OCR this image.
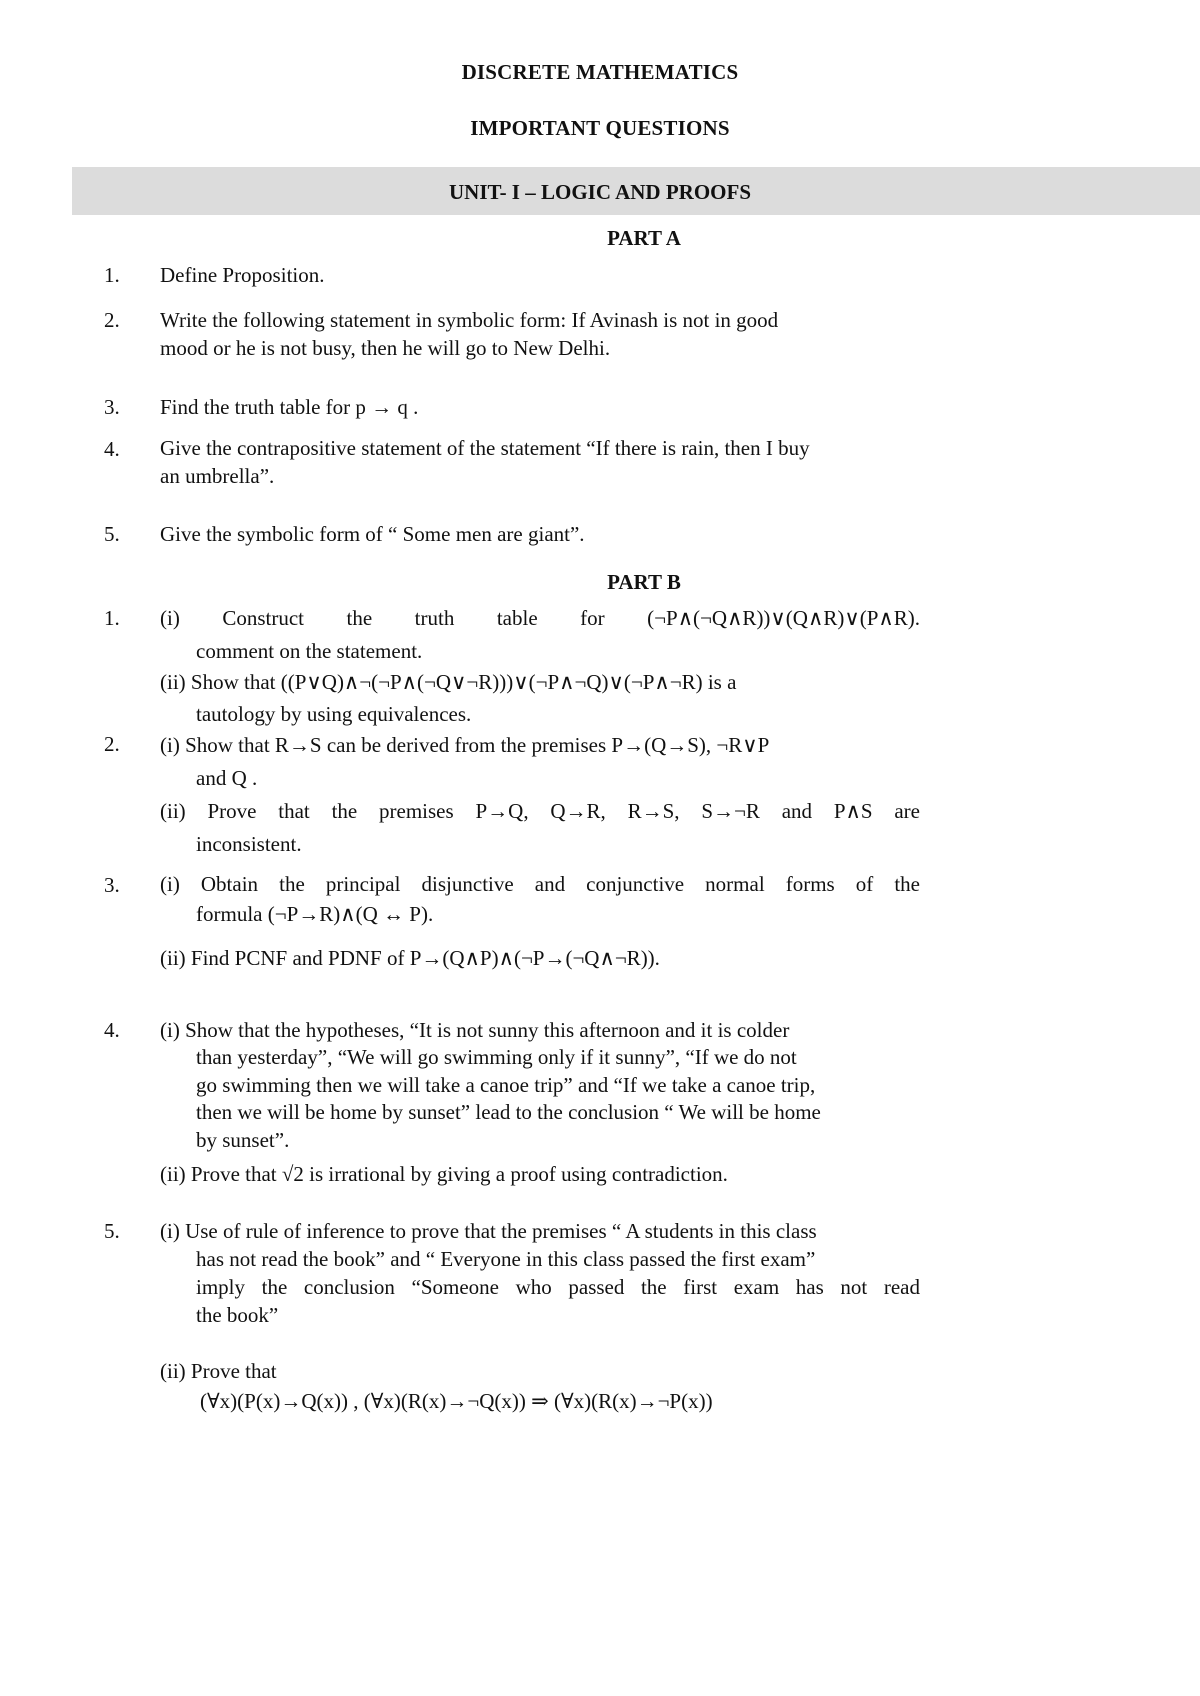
DISCRETE MATHEMATICS
IMPORTANT QUESTIONS
UNIT- I – LOGIC AND PROOFS
PART A
1. Define Proposition.
2. Write the following statement in symbolic form: If Avinash is not in good
mood or he is not busy, then he will go to New Delhi.
3. Find the truth table for p → q .
4. Give the contrapositive statement of the statement “If there is rain, then I buy
an umbrella”.
5. Give the symbolic form of “ Some men are giant”.
PART B
1. (i) Construct the truth table for (¬P∧(¬Q∧R))∨(Q∧R)∨(P∧R).
comment on the statement.
(ii) Show that ((P∨Q)∧¬(¬P∧(¬Q∨¬R)))∨(¬P∧¬Q)∨(¬P∧¬R) is a
tautology by using equivalences.
2. (i) Show that R→S can be derived from the premises P→(Q→S), ¬R∨P
and Q .
(ii) Prove that the premises P→Q, Q→R, R→S, S→¬R and P∧S are
inconsistent.
3. (i) Obtain the principal disjunctive and conjunctive normal forms of the
formula (¬P→R)∧(Q ↔ P).
(ii) Find PCNF and PDNF of P→(Q∧P)∧(¬P→(¬Q∧¬R)).
4. (i) Show that the hypotheses, “It is not sunny this afternoon and it is colder
than yesterday”, “We will go swimming only if it sunny”, “If we do not
go swimming then we will take a canoe trip” and “If we take a canoe trip,
then we will be home by sunset” lead to the conclusion “ We will be home
by sunset”.
(ii) Prove that √2 is irrational by giving a proof using contradiction.
5. (i) Use of rule of inference to prove that the premises “ A students in this class
has not read the book” and “ Everyone in this class passed the first exam”
imply the conclusion “Someone who passed the first exam has not read
the book”
(ii) Prove that
(∀x)(P(x)→Q(x)) , (∀x)(R(x)→¬Q(x)) ⇒ (∀x)(R(x)→¬P(x))
